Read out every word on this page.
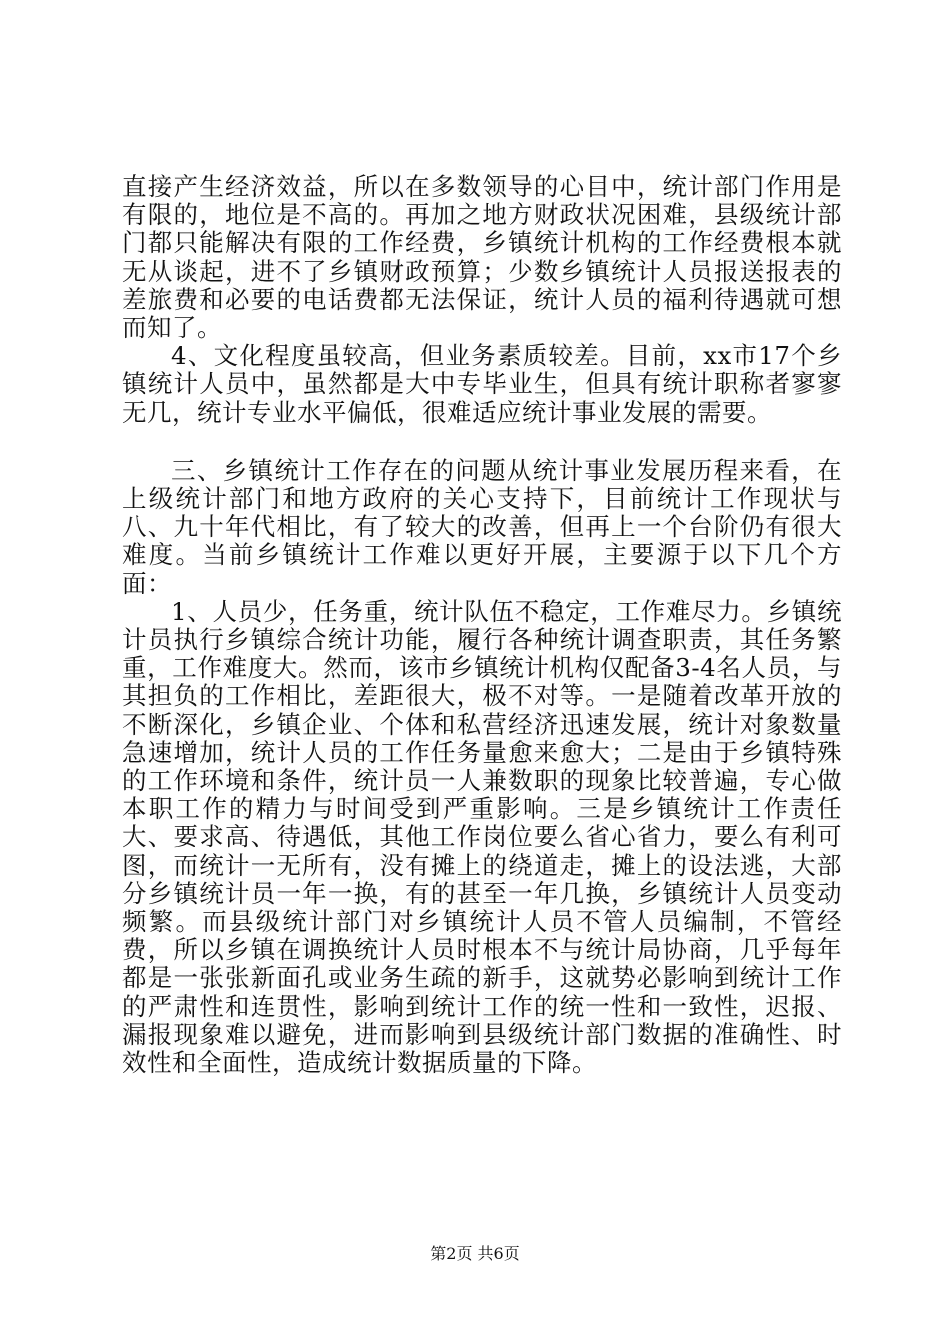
直接产生经济效益，所以在多数领导的心目中，统计部门作用是有限的，地位是不高的。再加之地方财政状况困难，县级统计部门都只能解决有限的工作经费，乡镇统计机构的工作经费根本就无从谈起，进不了乡镇财政预算；少数乡镇统计人员报送报表的差旅费和必要的电话费都无法保证，统计人员的福利待遇就可想而知了。

4、文化程度虽较高，但业务素质较差。目前，xx市17个乡镇统计人员中，虽然都是大中专毕业生，但具有统计职称者寥寥无几，统计专业水平偏低，很难适应统计事业发展的需要。

三、乡镇统计工作存在的问题从统计事业发展历程来看，在上级统计部门和地方政府的关心支持下，目前统计工作现状与八、九十年代相比，有了较大的改善，但再上一个台阶仍有很大难度。当前乡镇统计工作难以更好开展，主要源于以下几个方面：

1、人员少，任务重，统计队伍不稳定，工作难尽力。乡镇统计员执行乡镇综合统计功能，履行各种统计调查职责，其任务繁重，工作难度大。然而，该市乡镇统计机构仅配备3-4名人员，与其担负的工作相比，差距很大，极不对等。一是随着改革开放的不断深化，乡镇企业、个体和私营经济迅速发展，统计对象数量急速增加，统计人员的工作任务量愈来愈大；二是由于乡镇特殊的工作环境和条件，统计员一人兼数职的现象比较普遍，专心做本职工作的精力与时间受到严重影响。三是乡镇统计工作责任大、要求高、待遇低，其他工作岗位要么省心省力，要么有利可图，而统计一无所有，没有摊上的绕道走，摊上的设法逃，大部分乡镇统计员一年一换，有的甚至一年几换，乡镇统计人员变动频繁。而县级统计部门对乡镇统计人员不管人员编制，不管经费，所以乡镇在调换统计人员时根本不与统计局协商，几乎每年都是一张张新面孔或业务生疏的新手，这就势必影响到统计工作的严肃性和连贯性，影响到统计工作的统一性和一致性，迟报、漏报现象难以避免，进而影响到县级统计部门数据的准确性、时效性和全面性，造成统计数据质量的下降。

第2页 共6页
